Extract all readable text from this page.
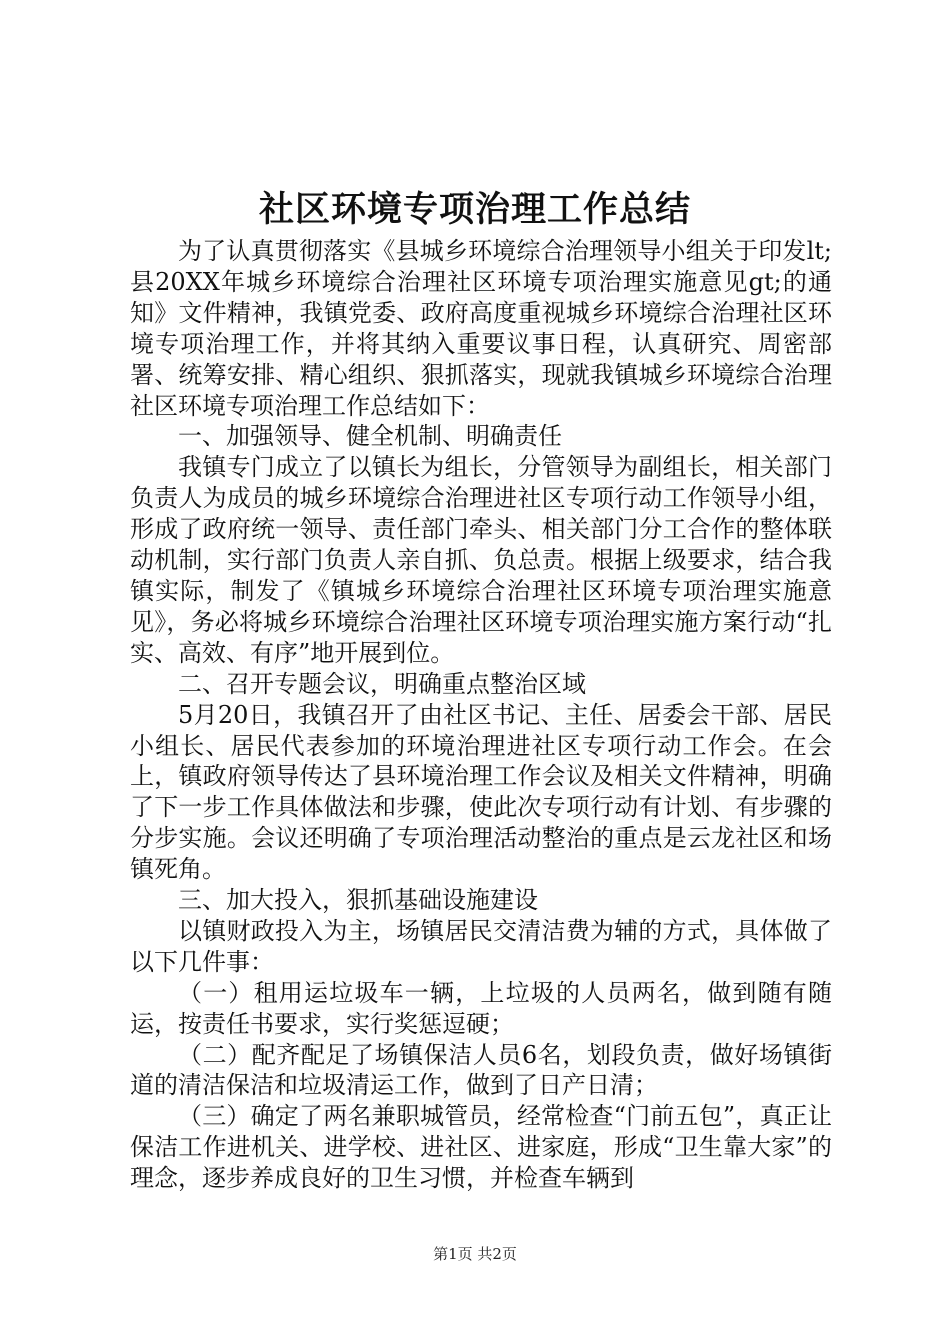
社区环境专项治理工作总结

为了认真贯彻落实《县城乡环境综合治理领导小组关于印发lt;县20XX年城乡环境综合治理社区环境专项治理实施意见gt;的通知》文件精神，我镇党委、政府高度重视城乡环境综合治理社区环境专项治理工作，并将其纳入重要议事日程，认真研究、周密部署、统筹安排、精心组织、狠抓落实，现就我镇城乡环境综合治理社区环境专项治理工作总结如下：

一、加强领导、健全机制、明确责任

我镇专门成立了以镇长为组长，分管领导为副组长，相关部门负责人为成员的城乡环境综合治理进社区专项行动工作领导小组，形成了政府统一领导、责任部门牵头、相关部门分工合作的整体联动机制，实行部门负责人亲自抓、负总责。根据上级要求，结合我镇实际，制发了《镇城乡环境综合治理社区环境专项治理实施意见》，务必将城乡环境综合治理社区环境专项治理实施方案行动“扎实、高效、有序”地开展到位。

二、召开专题会议，明确重点整治区域

5月20日，我镇召开了由社区书记、主任、居委会干部、居民小组长、居民代表参加的环境治理进社区专项行动工作会。在会上，镇政府领导传达了县环境治理工作会议及相关文件精神，明确了下一步工作具体做法和步骤，使此次专项行动有计划、有步骤的分步实施。会议还明确了专项治理活动整治的重点是云龙社区和场镇死角。

三、加大投入，狠抓基础设施建设

以镇财政投入为主，场镇居民交清洁费为辅的方式，具体做了以下几件事：

（一）租用运垃圾车一辆，上垃圾的人员两名，做到随有随运，按责任书要求，实行奖惩逗硬；

（二）配齐配足了场镇保洁人员6名，划段负责，做好场镇街道的清洁保洁和垃圾清运工作，做到了日产日清；

（三）确定了两名兼职城管员，经常检查“门前五包”，真正让保洁工作进机关、进学校、进社区、进家庭，形成“卫生靠大家”的理念，逐步养成良好的卫生习惯，并检查车辆到

第1页 共2页
